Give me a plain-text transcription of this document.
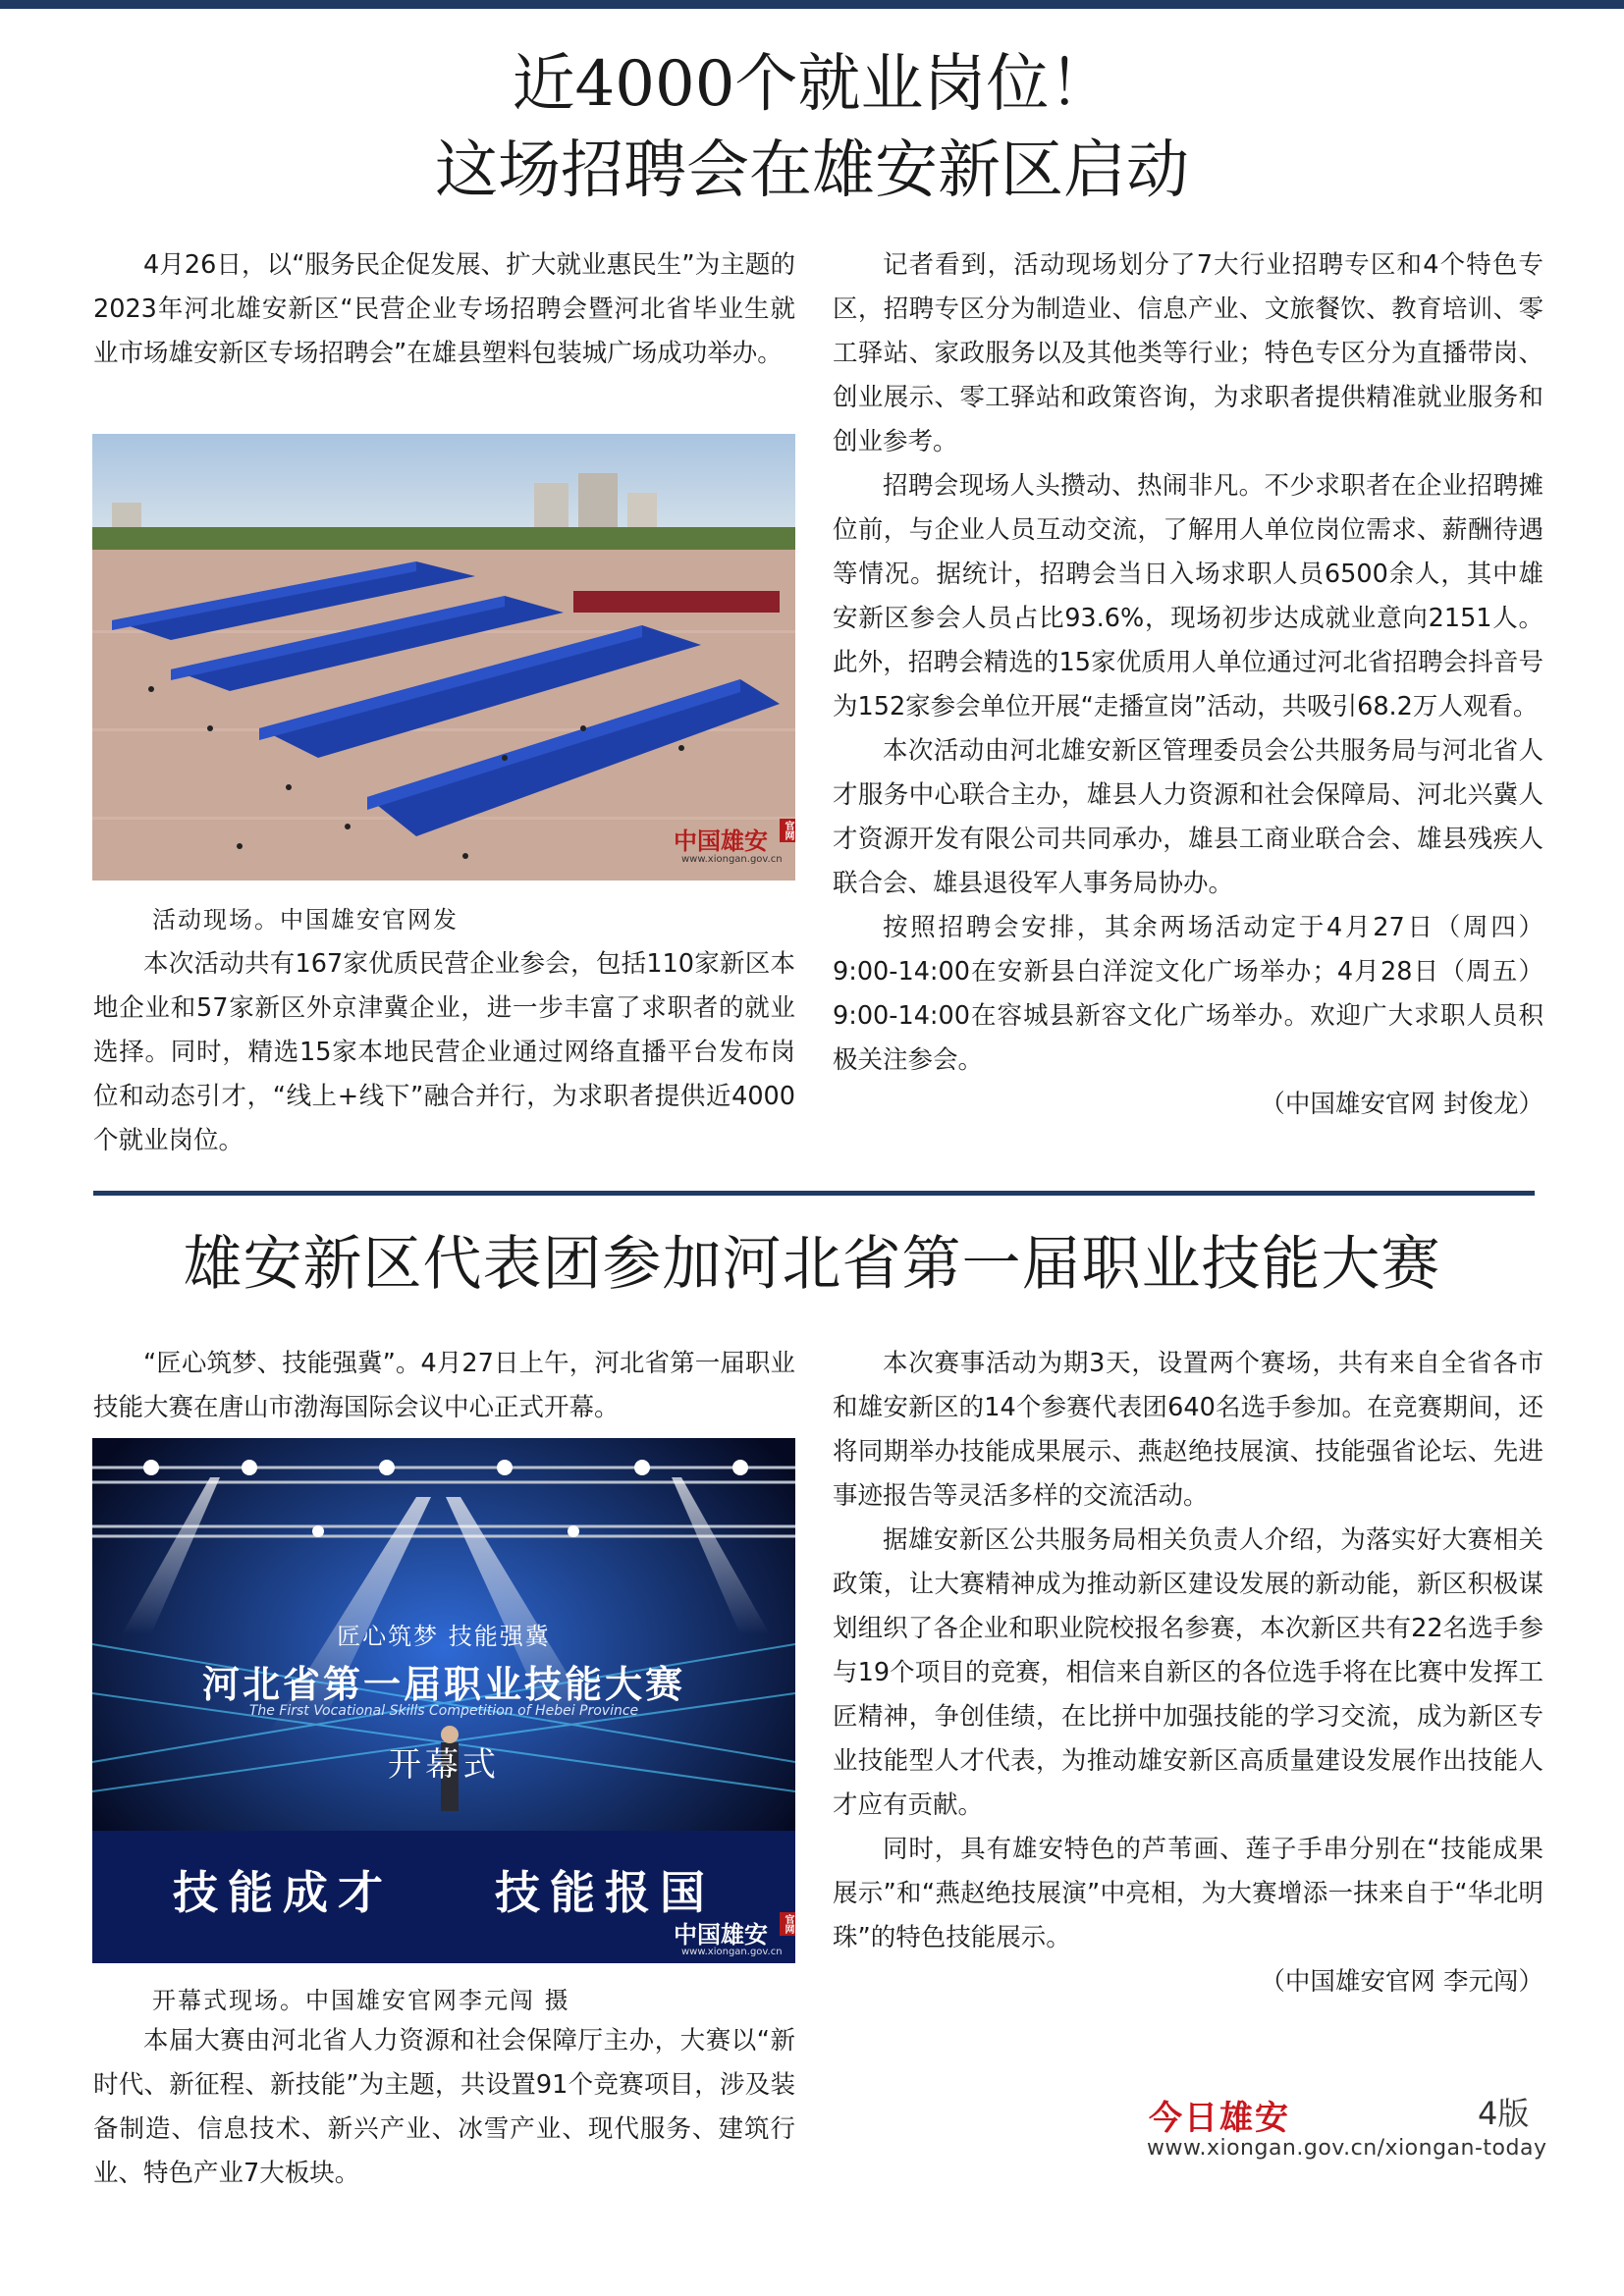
近4000个就业岗位！
这场招聘会在雄安新区启动

4月26日，以“服务民企促发展、扩大就业惠民生”为主题的2023年河北雄安新区“民营企业专场招聘会暨河北省毕业生就业市场雄安新区专场招聘会”在雄县塑料包装城广场成功举办。

中国雄安	官网
www.xiongan.gov.cn

活动现场。中国雄安官网发

本次活动共有167家优质民营企业参会，包括110家新区本地企业和57家新区外京津冀企业，进一步丰富了求职者的就业选择。同时，精选15家本地民营企业通过网络直播平台发布岗位和动态引才，“线上+线下”融合并行，为求职者提供近4000个就业岗位。

记者看到，活动现场划分了7大行业招聘专区和4个特色专区，招聘专区分为制造业、信息产业、文旅餐饮、教育培训、零工驿站、家政服务以及其他类等行业；特色专区分为直播带岗、创业展示、零工驿站和政策咨询，为求职者提供精准就业服务和创业参考。

招聘会现场人头攒动、热闹非凡。不少求职者在企业招聘摊位前，与企业人员互动交流，了解用人单位岗位需求、薪酬待遇等情况。据统计，招聘会当日入场求职人员6500余人，其中雄安新区参会人员占比93.6%，现场初步达成就业意向2151人。此外，招聘会精选的15家优质用人单位通过河北省招聘会抖音号为152家参会单位开展“走播宣岗”活动，共吸引68.2万人观看。

本次活动由河北雄安新区管理委员会公共服务局与河北省人才服务中心联合主办，雄县人力资源和社会保障局、河北兴冀人才资源开发有限公司共同承办，雄县工商业联合会、雄县残疾人联合会、雄县退役军人事务局协办。

按照招聘会安排，其余两场活动定于4月27日（周四）9:00-14:00在安新县白洋淀文化广场举办；4月28日（周五）9:00-14:00在容城县新容文化广场举办。欢迎广大求职人员积极关注参会。

（中国雄安官网 封俊龙）

雄安新区代表团参加河北省第一届职业技能大赛

“匠心筑梦、技能强冀”。4月27日上午，河北省第一届职业技能大赛在唐山市渤海国际会议中心正式开幕。

匠心筑梦 技能强冀
河北省第一届职业技能大赛
The First Vocational Skills Competition of Hebei Province
开幕式
技能成才    技能报国
中国雄安	官网
www.xiongan.gov.cn

开幕式现场。中国雄安官网李元闯 摄

本届大赛由河北省人力资源和社会保障厅主办，大赛以“新时代、新征程、新技能”为主题，共设置91个竞赛项目，涉及装备制造、信息技术、新兴产业、冰雪产业、现代服务、建筑行业、特色产业7大板块。

本次赛事活动为期3天，设置两个赛场，共有来自全省各市和雄安新区的14个参赛代表团640名选手参加。在竞赛期间，还将同期举办技能成果展示、燕赵绝技展演、技能强省论坛、先进事迹报告等灵活多样的交流活动。

据雄安新区公共服务局相关负责人介绍，为落实好大赛相关政策，让大赛精神成为推动新区建设发展的新动能，新区积极谋划组织了各企业和职业院校报名参赛，本次新区共有22名选手参与19个项目的竞赛，相信来自新区的各位选手将在比赛中发挥工匠精神，争创佳绩，在比拼中加强技能的学习交流，成为新区专业技能型人才代表，为推动雄安新区高质量建设发展作出技能人才应有贡献。

同时，具有雄安特色的芦苇画、莲子手串分别在“技能成果展示”和“燕赵绝技展演”中亮相，为大赛增添一抹来自于“华北明珠”的特色技能展示。

（中国雄安官网 李元闯）

今日雄安	4版
www.xiongan.gov.cn/xiongan-today
